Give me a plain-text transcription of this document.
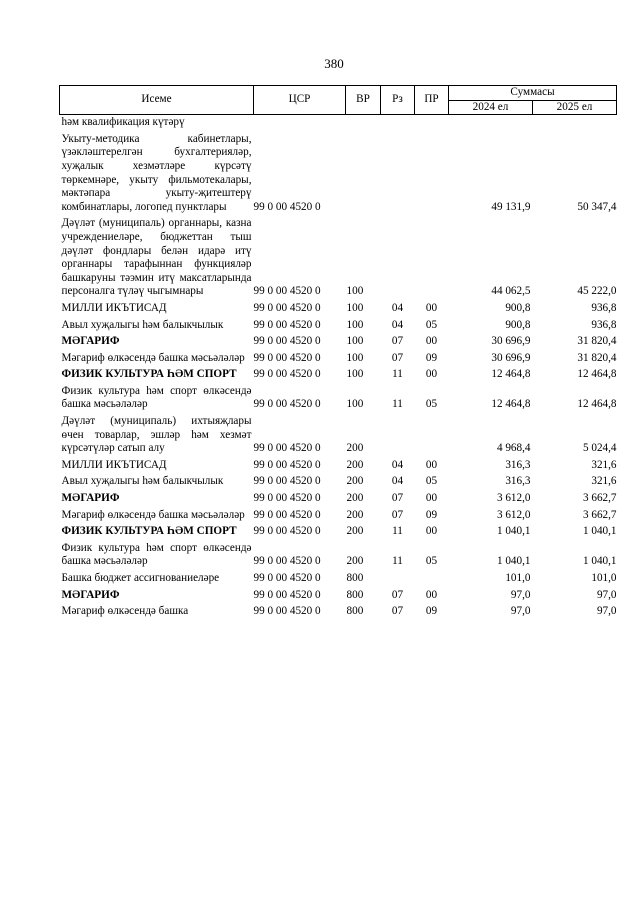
380
Исеме	ЦСР	ВР	Рз	ПР	Суммасы	
					2024 ел	2025 ел
һәм квалификация күтәрү						
Укыту-методика кабинетлары, үзәкләштерелгән бухгалтерияләр, хуҗалык хезмәтләре күрсәтү төркемнәре, укыту фильмотекалары, мәктәпара укыту-җитештерү комбинатлары, логопед пунктлары	99 0 00 4520 0				49 131,9	50 347,4
Дәүләт (муниципаль) органнары, казна учреждениеләре, бюджеттан тыш дәүләт фондлары белән идарә итү органнары тарафыннан функцияләр башкаруны тәэмин итү максатларында персоналга түләү чыгымнары	99 0 00 4520 0	100			44 062,5	45 222,0
МИЛЛИ ИКЪТИСАД	99 0 00 4520 0	100	04	00	900,8	936,8
Авыл хуҗалыгы һәм балыкчылык	99 0 00 4520 0	100	04	05	900,8	936,8
МӘГАРИФ	99 0 00 4520 0	100	07	00	30 696,9	31 820,4
Мәгариф өлкәсендә башка мәсьәләләр	99 0 00 4520 0	100	07	09	30 696,9	31 820,4
ФИЗИК КУЛЬТУРА ҺӘМ СПОРТ	99 0 00 4520 0	100	11	00	12 464,8	12 464,8
Физик культура һәм спорт өлкәсендә башка мәсьәләләр	99 0 00 4520 0	100	11	05	12 464,8	12 464,8
Дәүләт (муниципаль) ихтыяҗлары өчен товарлар, эшләр һәм хезмәт күрсәтүләр сатып алу	99 0 00 4520 0	200			4 968,4	5 024,4
МИЛЛИ ИКЪТИСАД	99 0 00 4520 0	200	04	00	316,3	321,6
Авыл хуҗалыгы һәм балыкчылык	99 0 00 4520 0	200	04	05	316,3	321,6
МӘГАРИФ	99 0 00 4520 0	200	07	00	3 612,0	3 662,7
Мәгариф өлкәсендә башка мәсьәләләр	99 0 00 4520 0	200	07	09	3 612,0	3 662,7
ФИЗИК КУЛЬТУРА ҺӘМ СПОРТ	99 0 00 4520 0	200	11	00	1 040,1	1 040,1
Физик культура һәм спорт өлкәсендә башка мәсьәләләр	99 0 00 4520 0	200	11	05	1 040,1	1 040,1
Башка бюджет ассигнованиеләре	99 0 00 4520 0	800			101,0	101,0
МӘГАРИФ	99 0 00 4520 0	800	07	00	97,0	97,0
Мәгариф өлкәсендә башка	99 0 00 4520 0	800	07	09	97,0	97,0
